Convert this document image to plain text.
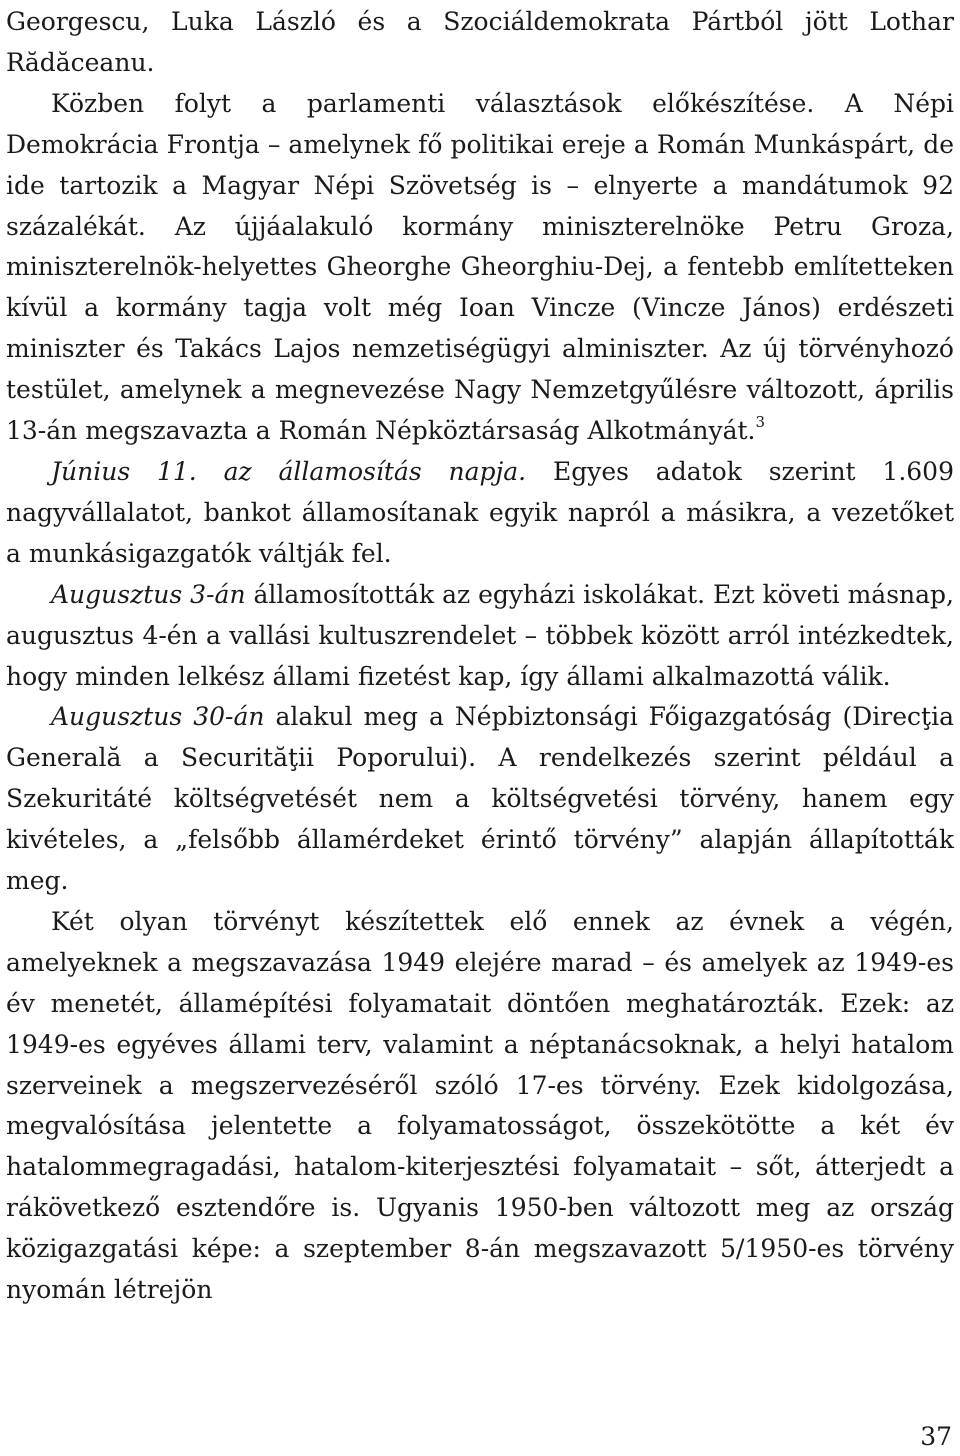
Georgescu, Luka László és a Szociáldemokrata Pártból jött Lothar Rădăceanu.

Közben folyt a parlamenti választások előkészítése. A Népi Demokrácia Frontja – amelynek fő politikai ereje a Román Munkáspárt, de ide tartozik a Magyar Népi Szövetség is – elnyerte a mandátumok 92 százalékát. Az újjáalakuló kormány miniszterelnöke Petru Groza, miniszterelnök-helyettes Gheorghe Gheorghiu-Dej, a fentebb említetteken kívül a kormány tagja volt még Ioan Vincze (Vincze János) erdészeti miniszter és Takács Lajos nemzetiségügyi alminiszter. Az új törvényhozó testület, amelynek a megnevezése Nagy Nemzetgyűlésre változott, április 13-án megszavazta a Román Népköztársaság Alkotmányát.$^3$

Június 11. az államosítás napja. Egyes adatok szerint 1.609 nagyvállalatot, bankot államosítanak egyik napról a másikra, a vezetőket a munkásigazgatók váltják fel.

Augusztus 3-án államosították az egyházi iskolákat. Ezt követi másnap, augusztus 4-én a vallási kultuszrendelet – többek között arról intézkedtek, hogy minden lelkész állami fizetést kap, így állami alkalmazottá válik.

Augusztus 30-án alakul meg a Népbiztonsági Főigazgatóság (Direcţia Generală a Securităţii Poporului). A rendelkezés szerint például a Szekuritáté költségvetését nem a költségvetési törvény, hanem egy kivételes, a „felsőbb államérdeket érintő törvény” alapján állapították meg.

Két olyan törvényt készítettek elő ennek az évnek a végén, amelyeknek a megszavazása 1949 elejére marad – és amelyek az 1949-es év menetét, államépítési folyamatait döntően meghatározták. Ezek: az 1949-es egyéves állami terv, valamint a néptanácsoknak, a helyi hatalom szerveinek a megszervezéséről szóló 17-es törvény. Ezek kidolgozása, megvalósítása jelentette a folyamatosságot, összekötötte a két év hatalommegragadási, hatalom-kiterjesztési folyamatait – sőt, átterjedt a rákövetkező esztendőre is. Ugyanis 1950-ben változott meg az ország közigazgatási képe: a szeptember 8-án megszavazott 5/1950-es törvény nyomán létrejön

37
